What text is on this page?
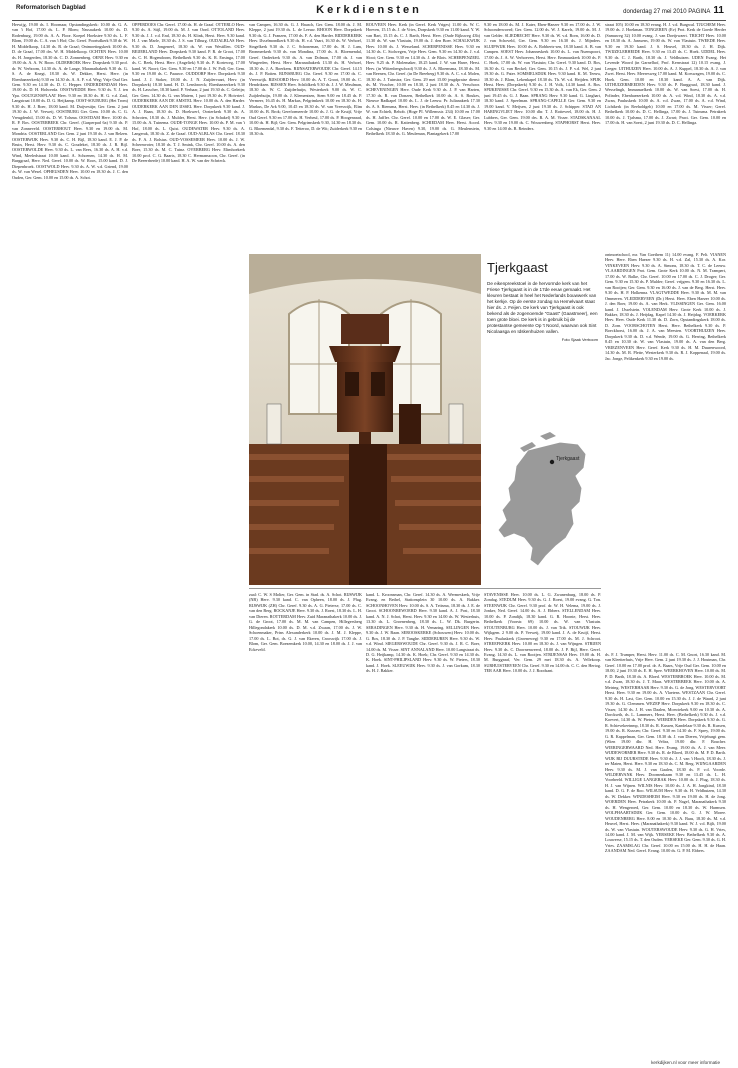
Reformatorisch Dagblad	Kerkdiensten	donderdag 27 mei 2010 PAGINA 11

Herwijg, 19.00 ds. I. Hoornaar, Opstandingskerk: 10.00 ds. G. A. van 't Hof, 17.00 ds. L. P. Blom; Nassaukerk 10.00 ds. D. Rodenburg, 19.00 ds. A. A. Floor. Koepel Hoekstee 9.30 ds. L. F. Blom, 19.00 ds. C. A. van 't Hof; Chr. Geref. Poortsdkerk 9.30 dr. W. H. Middelkoop, 14.30 ds. B. de Graaf; Ontmoetingskerk 10.00 ds. D. de Graaf, 17.00 drs. W. H. Middelkoop. OCHTEN Herv. 10.00 ds. H. Jongerden, 18.30 ds. C. D. Zonnenberg. OENE Herv. 9.30 en 19.00 ds. A. A. W. Boon. OLDEBROEK Herv. Dorpskerk 9.30 prof. dr. W. Verboom, 14.30 ds. A. de Lange, Maranathakerk 9.30 ds. G. S. A. de Knegt, 18.30 ds. W. Dekker, Herst. Herv. (in Ebenhaezerkerk) 9.30 en 14.30 ds. A. A. F. v.d. Weg; Vrije Oud Ger. Gem. 9.30 en 14.30 ds. D. C. Hepper. ONDERDENDAM Herv. 19.00 ds. D. H. Holwerda. ONSTWEDDE Herv. 9.30 ds. Y. J. ten Ypu. OOLTGENSPLAAT Herv. 9.30 en 18.30 ds. H. G. v.d. Zaal, Langstraat 10.00 ds. D. G. Heijkamp. OOST-SOUBURG (Het Trom) 9.30 ds. H. J. Boer, 18.00 kand. M. Duijvestijn; Ger. Gem. 2 juni 19.30 ds. J. W. Verweij. OOSTBURG Ger. Gem. 10.00 ds. C. G. Vreugdenhil, 15.00 ds. D. W. Tolsma. OOSTDAM Herv. 10.00 ds. R. P. Bos. OOSTERBEEK Chr. Geref. (Gasperpad 6a) 9.30 ds. P. van Zonneveld. OOSTERHOUT Herv. 9.30 en 19.00 ds. M. Mondria. OOSTERLAND Ger. Gem. 2 juni 19.30 ds. J. van Belzen. OOSTERWIJK Herv. 9.30 ds. C. H. Bijl, 18.30 kand. E. J. P. de Bruin, Herst. Herv. 9.30 ds. C. Goudeket, 18.30 ds. J. R. Bijl. OOSTERWOLDE Herv. 9.30 ds. L. van Rees, 16.30 ds. A. H. v.d. Wind, Meeledstraat 10.00 kand. A. Schoenen, 14.30 ds. H. M. Burggraaf, Herv. Ned. Geref. 10.00 ds. W. Roos, 15.00 kand. D. J. Diepenbroek. OOSTWOLD Herv. 9.30 ds. A. W. v.d. Griend, 19.00 ds. W. van Wesel. OPHEUSDEN Herv. 10.00 en 18.30 ds. J. C. den Ouden, Ger. Gem. 10.00 en 15.00 ds. A. Schot.

OPPERDOES Chr. Geref. 17.00 ds. H. de Graaf. OTTERLO Herv. 9.30 ds. A. Stijl, 19.00 ds. M. J. van Oord. OTTOLAND Herv. 9.30 ds. J. J. v.d. End, 18.30 ds. H. Klink, Herst. Herv. 9.30 kand. H. J. van Marle, 18.30 ds. J. S. van Tilburg. OUDALBLAS Herv. 9.30 ds. D. Jongeneel, 18.30 ds. W. van Westillen. OUD-BEIJERLAND Herv. Dorpskerk 9.30 kand. P. R. de Groot, 17.00 ds. C. H. Hogendoorn, Bethelkerk 9.30 ds. K. R. Ensinga, 17.00 ds. C. Beek, Herst. Herv. (Angeliek) 9.30 ds. P. Korteweg, 17.00 kand. W. Noort; Ger. Gem. 9.30 en 17.00 dr. J. W. Poll; Ger. Gem. 9.30 en 19.00 ds. C. Paauwe. OUDDORP Herv. Dorpskerk 9.30 kand. J. J. Stoker, 18.00 ds. J. N. Zuijdervaart, Herv. (in Dorpskerk) 18.30 kand. H. D. Lensbroeck; Ebenhaezerkerk 9.30 ds. H. Lasscher, 18.30 kand. P. Verhaar, 2 juni 19.30 ds. C. Geleijn; Ger. Gem. 14.30 ds. G. van Matern, 1 juni 19.30 ds. P. Hoivrierf. OUDERKERK AAN DE AMSTEL Herv. 10.00 ds. A. den Harder. OUDERKERK AAN DEN IJSSEL Herv. Dorpskerk 9.30 kand. J. A. J. Baan, 18.30 ds. D. Hoekwerf, Oosterkerk 9.30 ds. A. Schroten, 18.30 ds. J. Mulder, Herst. Herv. (in Schakel) 9.30 en 15.00 ds. A. Tuinema. OUDE-TONGE Herv. 10.00 ds. P. M. van 't Hof, 18.00 ds. L. Quist. OUDEWATER Herv. 9.30 ds. A. Langerak, 18.30 ds. Z. de Graaf. OUD-ALBLAS Chr. Geref. 18.30 ds. F. A. J. Bolsius. OUD-VOSSEMEER Herv. 10.00 ds. J. W. Schermvoter, 18.30 ds. T. J. Smink, Chr. Geref. 10.00 ds. A. den Boer, 15.30 ds. M. C. Tuinz. OVERBERG Herv. Elimhoekerk 10.00 prof. C. G. Baarts, 18.30 C. Hermanszoon, Chr. Geref. (in De Beeerrherde) 10.00 kand. H. A. W. van der Schrieck.

van Campen, 16.30 ds. G. J. Hausch, Ger. Gem. 18.00 ds. J. M. Kleppe, 2 juni 19.30 ds. L. de Leeuw. RHOON Herv. Dorpskerk 9.30 ds. G. J. Franzen, 17.00 ds. F. A. den Harder. RIDDERKERK Herv. IJsselmondkerk 9.30 ds. H. v.d. Vaart, 16.30 ds. W. Verhoef, Singelkerk 9.30 ds. J. C. Schoneman, 17.00 ds. H. J. Lam, Bronmerkerk 9.30 ds. van Mondina, 17.00 ds. A. Bloemendal, Geref. Onderkerk 9.30 ds. A. van Dolman, 17.00 ds. J. van Wingerden, Herst. Herv. Maranathakerk 13.30 ds. H. Verhoef, 18.30 ds. J. A. Boerkens. RIJNSATERWOUDE Chr. Geref. 14.15 ds. J. P. Boiten. RIJNSBURG Chr. Geref. 9.30 en 17.00 ds. C. Vreeswijk. RIJSOORD Herv. 10.00 ds. A. T. Groot, 19.00 ds. C. Hendriksen. RIJSSEN Herv. Schildkerk 9.30 ds. J. J. W. Meulman, 18.30 ds. W. C. Zuijderhuijn, Westerkerk 9.00 ds. W. C. Zuijderhuijn, 19.00 ds. J. Klementsen, Stem 9.00 en 18.45 ds. P. Vermeer, 16.45 ds. H. Markus, Pelgrimkerk 10.00 en 18.30 ds. H. Markus, De Ark 9.00, 10.45 en 18.30 ds. W. van Vreeswijk, Elim 10.00 ds. B. Brok; Gereformeerde 10.00 ds. J. G. de Kruijf, Vrije Oud Geref. 9.30 en 17.00 ds. H. Verheul, 17.00 ds. P. Hoogenraad, 10.00 ds. H. Bijl; Ger. Gem. Pelgrimskerk 9.30, 14.30 en 18.30 ds. G. Bloemendal, 9.30 ds. F. Tetteroo, D. de Wit; Zuiderkerk 9.30 en 18.30 ds.

ROUVEEN Herv. Kerk (in Geref. Kerk Vriges) 11.00 ds. W. C. Hoeven, 15.15 ds. J. de Vries, Dorpskerk 9.30 en 11.00 kand. Y. W. van Bart, 15.15 ds. C. J. Barth, Herst. Herv. (Oude Rijksweg 43b) 11.30 ds. W. van Vlastuin, 19.00 ds. J. den Boer. SCHALKWIJK Herv. 10.00 ds. J. Wesseland. SCHERPENISSE Herv. 9.30 en 14.30 ds. C. Stolwegen, Vrije Herv. Gem. 9.30 en 14.30 ds. J. v.d. Slooi; Ger. Gem. 9.30 en 14.30 ds. J. de Blois. SCHERPENZEEL Herv. 9.25 ds. P. Molemaker, 18.25 kand. J. W. van Harre, Herst. Herv. (in Wittenbergschool) 9.30 ds. J. A. Bloemsma, 18.30 ds. M. van Reenen, Chr. Geref. (in De Breeberg) 9.30 ds. A. C. v.d. Molen, 18.30 ds. J. Tuinstra; Ger. Gem. 29 mei 15.00 jeugdpraise dienst: ds. M. Visscher, 10.00 en 18.30, 2 juni 18.30 ds. A. Verschoor. SCHEVENINGEN Herv. Oude Kerk 9.30 ds. J. P. van Harten, 17.30 ds. R. van Donzen, Bethelkerk 10.00 ds. A. S. Boukes, Nieuwe Badkapel 10.00 ds. L. J. de Leeuw. Pr. Julianakerk 17.30 ds. A. S. Riensma, Herst. Herv. (in Bethelkerk) 8.45 en 14.30 ds. J. W. van Echtelt, Rehob. (Hoge PI. Willemsstr. 234) 10.00 en 17.00 ds. H. Jaffler. Chr. Geref. 10.00 en 17.00 ds. W. E. Glaser; Ger. Gem. 10.00 ds. R. Kattenberg. SCHIEDAM Herv. Herst. Acord. Colsinga (Nieuwe Haven) 9.30, 19.00 ds. G. Meulenstein, Bethelkerk 18.30 ds. G. Meuleman, Plantagekerk 17.00

9.30 en 18.00 ds. M. J. Kater, Eben-Haezer 9.30 en 17.00 ds. J. W. Schoonderwoerd; Ger. Gem. 12.00 ds. W. J. Karels, 19.00 ds. M. J. van Gelder. SLIEDRECHT Herv. 9.30 ds. W. v.d. Born, 16.00 ds. D. J. van Schoveld, Ger. Gem. 9.30 en 16.30 ds. J. Mijnders. SLUIPWIJK Herv. 10.00 ds. A. Robberts-sen, 18.30 kand. A. B. van Campen. SOEST Herv. Johanneskerk 10.00 ds. L. van Nuenspoort, 17.00 ds. J. A. W. Verhoeven, Herst. Herv. Emmauskerk 10.00 ds. P. C. Hoek, 17.00 ds. W. van Vlastuin; Chr. Geref. 9.30 kand. D. Bos, 16.30 ds. G. van Reckel; Ger. Gem. 10.15 ds. J. P. v.d. Wel, 2 juni 19.30 ds. G. Pater. SOMMELSDIJK Herv. 9.30 kand. K. M. Teeuw, 18.30 ds. J. Blom, Lekenkapel 18.30 ds. Th. W. v.d. Heijden. SPIJK Herst. Herv. (Dorpskerk) 9.30 ds. J. H. Volk, 14.30 kand. A. Bos. SPIJKENISSE Chr. Geref. 9.30 en 15.30 ds. A. van Ek, Ger. Gem. 2 juni 19.45 ds. G. J. Baan. SPRANG Herv. 9.30 kand. G. Linghart, 18.30 kand. J. Speelman. SPRANG-CAPELLE Ger. Gem. 9.30 en 19.00 kand. V. Meijsen, 2 juni 19.30 ds. J. Schipper. STAD AN HARINGVLIET Herv. 10.00 dhr. T. J. Rotteveel, 18.00 ds. H. J. Lubbers, Ger. Gem. 19.00 drs. R. A. M. Visser. STADSKANAAL Herv. 9.30 en 19.00 ds. C. Wouwenberg. STAPHORST Herst. Herv. 9.30 en 14.00 ds. B. Reinders.

straat 105) 10.00 en 18.30 evang. H. J. v.d. Burgwal. TJUCHEM Herv. 19.00 ds. J. Hoekman. TONGEREN (Ev) Prot. Kerk de Goede Herder (Samuweg 32) 10.00 evang. J. van Doeijrwaert. TRICHT Herv. 10.00 en 18.30 ds. A. Janssens, 19.00 ds. W. van Vlastuin. TWEEDE Herv. 9.30 en 19.30 kand. J. S. Heuvel, 18.30 ds. J. H. Dijk. TWIJZELERHEIDE Herv. 9.30 en 13.45 ds. C. Hoek. UDDEL Herv. 9.30 ds. C. J. Barth, 18.30 ds. J. Veldhuizen. UDEN Evang. Het Levende Woord (in Garnelhof, Prof. Kernstraat 12) 10.15 evang. J. Leeger. UITHUIZEN Herv. 10.00 ds. A. J. Kuppel, 18.30 ds. A. J. van Zwet. Herst. Herv. Meeresweg 17.00 kand. M. Korswagen, 19.00 ds. C. Hoek. Gem. 10.00 en 18.30 kand. A. A. van Dijk. UITHUIZERMEEDEN Herv. 9.30 ds. P. Burggraaf, 18.30 kand. J. Wesselingh, Immanuelkerk 10.00 ds. W. van Soest, 17.00 ds. H. Polinder, Ebenhaezerkerk 10.00 ds. A. v.d. Wind, 18.30 ds. A. v.d. Zwan, Pauluskerk 10.00 ds. A. v.d. Zwan, 17.00 ds. A. v.d. Wind, Lichtkerk (in Reeholdgeh) 10.00 en 17.00 ds. M. Visser; Geref. Bethelkerk 10.00 ds. D. C. Hellinga, 17.00 ds. J. Tuinsma. Petrakerk 10.00 ds. J. Tjalsma, 17.00 ds. J. Zwart; Pract. Ger. Gem. 10.00 en 17.00 ds. H. van Soest, 2 juni 19.30 ds. D. C. Hellinga.

ontmoetschool, mr. Van Goethem 11) 14.00 evang. F. Pelt. VIANEN Herv. Herv. Eben Haezer 9.30 ds. H. v.d. Zal, 15.30 ds. A. Kor. VINKEVEEN Herv. 9.30 ds. A. Simons, 18.30 ds. T. C. de Leeuw. VLAARDINGEN Prot. Gem. Grote Kerk 10.00 ds. N. M. Trampert, 17.00 ds. W. Balke, Chr. Geref. 10.00 en 17.00 ds. C. J. Droger; Ger. Gem. 9.30 en 15.30 ds. P. Mulder; Geref. vrijgem. 9.30 en 16.30 ds. L. van Rooijen; Ger. Gem. 9.30 en 16.00 ds. J. van de Berg. Herst. Herv. 9.30 ds. H. P. Holkenna. VLAGTWEDDE Herv. 9.30 ds. M. M. van Ommeren. VLEDDERVEEN (Dr.) Herst. Herv. Eben Haezer 10.00 ds. J. den Boer, 19.00 ds. A. van Herk. VLISSINGEN Ger. Gem. 16.00 kand. J. IJsselstein. VOLENDAM Herv. Grote Kerk 10.00 ds. J. Bakker, 18.30 ds. J. Heijdag, Kapel 14.30 ds. J. Heijdag. VOERKERK Herv. Herv. Oude Kerk 11.30 ds. D. Zorn, Opstandingskerk 18.00 ds. D. Zorn. VOORSCHOTEN Herst. Herv. Bethelkerk 9.30 ds. P. Boeckhorst, 16.00 ds. J. A. van Meesten. VOORTHUIZEN Herv. Dorpskerk 9.30 ds. D. v.d. Wende, 19.00 ds. G. Herring, Bethelkerk 8.45 en 10.30 dr. W. van Vlastuin, 19.00 ds. A. van den Berg. VRIEZENVEEN Herv. Geref. Kerk 9.30 ds. H. M. Duurenwoord, 14.30 ds. M. R. Plette, Westerkerk 9.30 ds. R. J. Koppenaal, 19.00 ds. Jac. Jonge, Pelikenkerk 9.30 en 19.00 ds.

ds. F. J. Trumper, Herst. Herv. 11.00 ds. C. M. Gnort, 16.30 kand. M. van Kleeiterhuis, Vrije Herv. Gem. 2 juni 19.30 ds. J. J. Houtman, Chr. Geref. 10.00 en 17.00 prof. dr. A. Baars, Vrije Oud Ger. Gem. 10.00 en 18.00, 2 juni 19.30 ds. E. H. Spee. WEERKHOVEN Herv. 10.00 ds. M. P. D. Barth, 18.30 ds. A. Bloed. WESTERBROEK Herv. 10.00 ds. M. v.d. Zwan, 18.30 ds. J. T. Maas. WESTERBEEK Herv. 10.00 ds. A. Meiring. WESTERHAAR Herv. 9.30 ds. G. de Jong. WESTERVOORT Herst. Herv. 9.30 en 19.00 ds. A. Vlaetens. WESTZAAN Chr. Geref. 9.30 ds. H. Last, Ger. Gem. 10.00 en 15.30 ds. J. J. de Waard, 2 juni 19.30 ds. G. Clemmen. WEZEP Herv. Dorpskerk 9.30 en 18.30 ds. C. Visser, 14.30 ds. J. H. van Daalen, Morwiekerk 9.00 en 10.30 ds. A. Dorckseth, ds. L. Lammers, Herst. Herv. (Bethelkerk) 9.30 ds. J. v.d. Koevert, 14.30 ds. W. Pieters. WIERDEN Herv. Dorpskerk 9.30 ds. G. R. Schievekeetnmp, 18.30 ds. R. Kussen, Kandelaar 9.30 ds. R. Kussen, 19.00 ds. R. Kussen; Chr. Geref. 9.30 en 14.30 ds. F. Sprey, 19.00 ds. G. R. Kappelman, Ger. Gem. 18.30 ds. J. van Dieren, Vrijeburgt gem. (Wien 19.00 dhr. H. Veltra, 19.00 dhr. F. Boucher. WIERINGERWAARD Ned. Herv. Evang. 19.00 ds. A. J. van Meer. WIJDEWORMER Herv. 9.30 ds. R. de Bloed, 18.00 ds. M. P. D. Barth. WIJK BIJ DUURSTEDE Herv. 9.30 ds. J. J. van 't Hooft, 18.30 ds. J. ter Maten, Herst. Herv. 9.30 en 18.30 ds. C. M. Berg. WIJNGAARDEN Herv. 9.30 ds. M. J. van Gaalen, 18.30 ds. P. v.d. Voorde. WILDERVANK Herv. Doornenkaam 9.30 en 13.45 ds. L. H. Voorbeeld. WILLIGE LANGERAK Herv. 10.00 ds. J. Plug, 18.30 ds. H. J. van Wijnen. WILNIS Herv. 10.00 ds. J. A. H. Jongkind, 18.30 kand. D. G. F. de Roo. WILSUM Herv. 9.30 ds. H. Veldhuizen, 14.30 ds. W. Dekker. WINDESHEIM Herv. 9.30 en 19.00 ds. H. de Jong. WOERDEN Herv. Petrakerk 10.00 ds. P. Nagel, Maranathakerk 9.30 ds. H. Wengeroed, Ger. Gem. 10.00 en 18.30 ds. W. Harmsen. WOLPHAARTSDIJK Ger. Gem. 10.00 ds. G. J. W. Moree. WOUDENBERG Herv. 8.00 en 10.30 ds. A. Baas, 18.30 ds. M. v.d. Heuvel, Herst. Herv. (Maranathakerk) 9.30 kand. W. J. v.d. Bijlt, 19.00 ds. W. van Vlastuin. WOUTERSWOUDE Herv. 9.30 ds. G. H. Vries, 14.00 kand. J. M. van Wijk. YERSEKE Herv. Bethelkerk 9.30 ds. A. Louwerse, 15.15 ds. T. den Ouden. YERSEKE Ger. Gem. 9.30 ds. G. H. Vries. ZAAMSLAG Chr. Geref. 10.00 en 15.00 ds. H. H. de Haan. ZAANDAM Ned. Geref. Evang. 10.00 ds. G. P. M. Ebbers.

Tjerkgaast
De eikenpreekstoel in de hervormde kerk van het Friese Tjerkgaast is in de 17de eeuw gemaakt. Het kleuren bestaat in heel het Nederlands bouwwerk van het kerkje. Op de eerste zondag na Hemelvaart staat hier ds. J. Feijen. De kerk van Tjerkgaast is ook bekend als de zogenoemde "Gaast" (Gaastmeer), een toen grote bloei. De kerk is in gebruik bij de protestantse gemeente Op 't Noord, waarvan ook Sint Nicolaasga en Idskenhuizen vallen.
Foto Sjaak Verboom
Tjerkgaast

zaal: C. W. S Molier, Ger. Gem. in Stad. ds. A. Schot. RIJSWIJK (NB) Herv. 9.30 kand. C. van Opheen, 18.00 ds. J. Plug. RIJSWIJK (ZH) Chr. Geref. 9.30 ds. A. G. Pieterse, 17.00 ds. C. van den Berg. ROCKANJE Herv. 9.30 ds. J. Roest, 18.30 ds. L. H. van Dieren. ROTTERDAM Herv. Zuid Maranathakerk 10.00 ds. J. G. de Groot, 17.00 ds. M. M. van Campen, Hillegersberg Hillegondakerk 10.00 ds. D. M. v.d. Zwaan, 17.00 ds. J. W. Schoenmaker, Prins Alexanderkerk 10.00 ds. J. M. J. Kleppe, 17.00 ds. L. Bot, ds. G. J. van Ekeren, Crooswijk 17.00 ds. J. Blom, Ger. Gem. Boezemkerk 10.00, 14.30 en 18.00 ds. J. J. van Eckeveld.

kand. L. Kroonsman, Chr. Geref. 14.30 ds. A. Wermeskerk, Vrije Evang. en Bethel, Stationsplein 30 10.00 ds. A. Bakker. SCHOONHOVEN Herv. 10.00 ds. S. A. Teitsma, 18.30 ds. J. E. de Groot. SCHOONREWOERD Herv. 9.30 kand. A. J. Post, 18.30 kand. A. N. J. Schot, Herst. Herv. 9.30 en 14.00 ds. W. Westerhuis, 13.30 ds. L. Groenenberg, 18.30 ds. L. W. Dk. Burgerin. SERADINGEN Herv. 9.30 ds. H. Vemaring. SELLINGEN Herv. 9.30 ds. J. W. Baan. SEROOSKERKE (Schouwen) Herv. 10.00 ds. G. Bos, 18.30 ds. J. P. Tanghe. SIDDEBUREN Herv. 9.30 ds. W. v.d. Wind. SIEGERSWOUDE Chr. Geref. 9.30 ds. J. R. C. Boer, 14.00 ds. M. Visser. SINT ANNALAND Herv. 10.00 Langstraat ds. D. G. Heijkamp, 14.30 ds. K. Hoek; Chr. Geref. 9.30 en 14.30 ds. K. Hoek. SINT-PHILIPSLAND Herv. 9.30 ds. W. Pieters, 18.30 kand. J. Hoek. SLEEUWIJK Herv. 9.30 ds. J. van Gorkum, 18.30 ds. H. J. Bakker.

STAVENISSE Herv. 10.00 ds. L. G. Zwanenburg, 18.00 ds. P. Zondag. STEDUM Herv. 9.30 ds. G. J. Roest, 19.00 evang. G. Ton. STEENWIJK Chr. Geref. 9.30 prof. dr. W. H. Velema, 19.00 ds. J. Jonker, Ned. Geref. 14.00 ds. A. J. Ebbers. STELLENDAM Herv. 10.00 ds. P. Zondijk, 18.30 kand. G. R. Hoonte, Herst. Herv. Bethelkerk (Voorstr. 69) 10.00 ds. W. van Vlastuin. STOUTENBURG Herv. 10.00 ds. J. van Trik. STOUWIJK Herv. Wijkgem. 2 9.00 ds. P. Verweij, 19.00 kand. J. A. de Kruijf, Herst. Herv. Pauluskerk (Groeneweg) 9.30 en 17.00 ds. M. J. Schroot. STREEFKERK Herv. 10.00 en 18.30 ds. J. van Wijngen. STRIJEN Herv. 9.30 ds. C. Doornenweerd, 18.00 ds. J. P. Bijl, Herv. Geref. Evang. 14.30 ds. L. van Rooijen. STRIJENSAS Herv. 19.00 ds. H. M. Burggraaf, Ver. Gem. 29 mei 18.30 ds. A. Vellekoop. SURHUISTERVEEN Chr. Geref. 9.30 en 14.00 ds. C. C. den Hertog. TER AAR Herv. 10.00 ds. J. J. Roodsant.

kerkdijken.nl voor meer informatie
